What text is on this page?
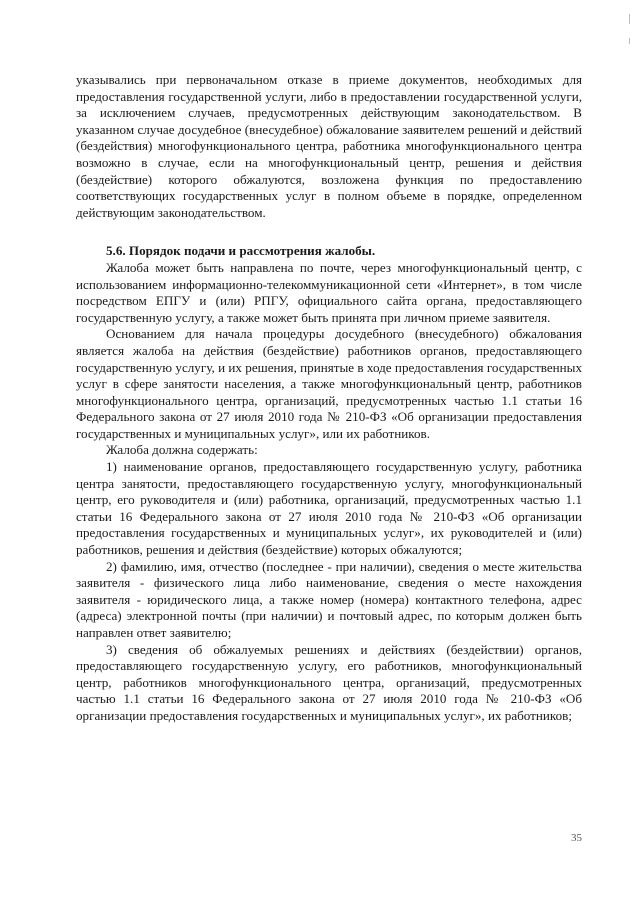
указывались при первоначальном отказе в приеме документов, необходимых для предоставления государственной услуги, либо в предоставлении государственной услуги, за исключением случаев, предусмотренных действующим законодательством. В указанном случае досудебное (внесудебное) обжалование заявителем решений и действий (бездействия) многофункционального центра, работника многофункционального центра возможно в случае, если на многофункциональный центр, решения и действия (бездействие) которого обжалуются, возложена функция по предоставлению соответствующих государственных услуг в полном объеме в порядке, определенном действующим законодательством.

5.6. Порядок подачи и рассмотрения жалобы.

Жалоба может быть направлена по почте, через многофункциональный центр, с использованием информационно-телекоммуникационной сети «Интернет», в том числе посредством ЕПГУ и (или) РПГУ, официального сайта органа, предоставляющего государственную услугу, а также может быть принята при личном приеме заявителя.

Основанием для начала процедуры досудебного (внесудебного) обжалования является жалоба на действия (бездействие) работников органов, предоставляющего государственную услугу, и их решения, принятые в ходе предоставления государственных услуг в сфере занятости населения, а также многофункциональный центр, работников многофункционального центра, организаций, предусмотренных частью 1.1 статьи 16 Федерального закона от 27 июля 2010 года № 210-ФЗ «Об организации предоставления государственных и муниципальных услуг», или их работников.

Жалоба должна содержать:

1) наименование органов, предоставляющего государственную услугу, работника центра занятости, предоставляющего государственную услугу, многофункциональный центр, его руководителя и (или) работника, организаций, предусмотренных частью 1.1 статьи 16 Федерального закона от 27 июля 2010 года № 210-ФЗ «Об организации предоставления государственных и муниципальных услуг», их руководителей и (или) работников, решения и действия (бездействие) которых обжалуются;

2) фамилию, имя, отчество (последнее - при наличии), сведения о месте жительства заявителя - физического лица либо наименование, сведения о месте нахождения заявителя - юридического лица, а также номер (номера) контактного телефона, адрес (адреса) электронной почты (при наличии) и почтовый адрес, по которым должен быть направлен ответ заявителю;

3) сведения об обжалуемых решениях и действиях (бездействии) органов, предоставляющего государственную услугу, его работников, многофункциональный центр, работников многофункционального центра, организаций, предусмотренных частью 1.1 статьи 16 Федерального закона от 27 июля 2010 года № 210-ФЗ «Об организации предоставления государственных и муниципальных услуг», их работников;

35
